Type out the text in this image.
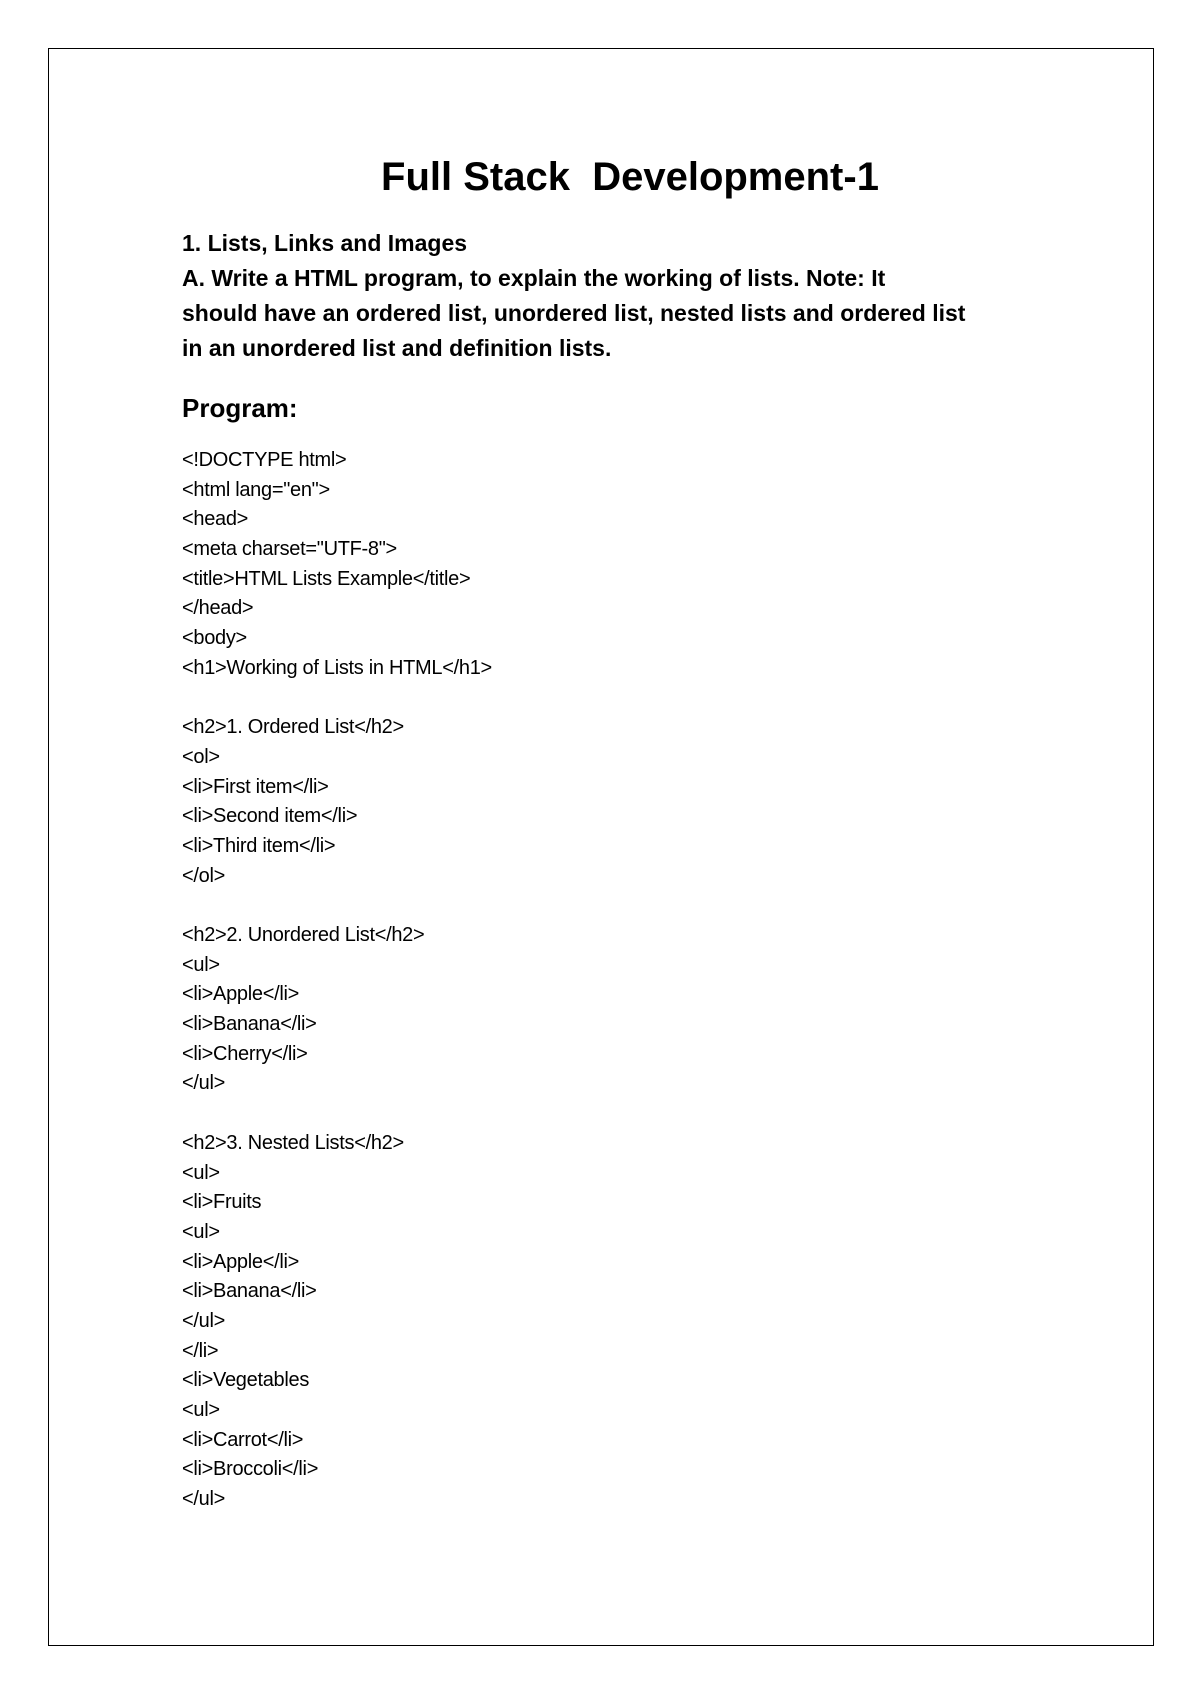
Full Stack  Development-1
1. Lists, Links and Images
A. Write a HTML program, to explain the working of lists. Note: It
should have an ordered list, unordered list, nested lists and ordered list
in an unordered list and definition lists.
Program:
<!DOCTYPE html>
<html lang="en">
<head>
<meta charset="UTF-8">
<title>HTML Lists Example</title>
</head>
<body>
<h1>Working of Lists in HTML</h1>
<h2>1. Ordered List</h2>
<ol>
<li>First item</li>
<li>Second item</li>
<li>Third item</li>
</ol>
<h2>2. Unordered List</h2>
<ul>
<li>Apple</li>
<li>Banana</li>
<li>Cherry</li>
</ul>
<h2>3. Nested Lists</h2>
<ul>
<li>Fruits
<ul>
<li>Apple</li>
<li>Banana</li>
</ul>
</li>
<li>Vegetables
<ul>
<li>Carrot</li>
<li>Broccoli</li>
</ul>
